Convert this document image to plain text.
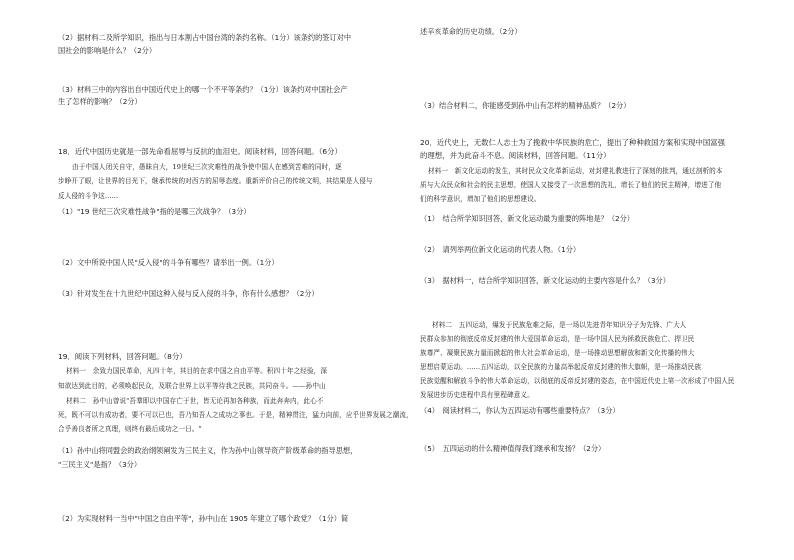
（2）据材料二及所学知识，指出与日本割占中国台湾的条约名称。（1分）该条约的签订对中
国社会的影响是什么？（2分）
（3）材料三中的内容出自中国近代史上的哪一个不平等条约？（1分）该条约对中国社会产
生了怎样的影响？（2分）
18．近代中国历史就是一部先命看屈辱与反抗的血泪史。阅读材料，回答问题。（6分）
由于中国人闭关自守，愚昧自大，19世纪三次灾难性的战争使中国人在感到苦难的同时，逐
步睁开了眼，让世界的目光下，继承传统的对西方的屈辱态度。重新评价自己的传统文明，其结果是人侵与
反人侵的斗争这……
（1）"19 世纪三次灾难性战争"指的是哪三次战争？（3分）
（2）文中所说中国人民"反入侵"的斗争有哪些？请举出一例。（1分）
（3）针对发生在十九世纪中国这种入侵与反入侵的斗争，你有什么感想？（2分）
19．阅读下列材料，回答问题。（8分）
材料一　余致力国民革命，凡四十年，其目的在求中国之自由平等。积四十年之经验，深
知欲达到此目的，必须唤起民众，及联合世界上以平等待我之民族，共同奋斗。——孙中山
材料二　孙中山曾说"吾羣即以中国存亡于世，皆无论再加各种族，而此奔奔内，此心不
死，既不可以有成功者，要不可以已也，吾乃知吾人之成功之事也。于是，精神贯注，猛力向前，应乎世界发展之潮流，
合乎善良者所之真理，则终有最后成功之一日。"
（1）孙中山将同盟会的政治纲领阐发为三民主义，作为孙中山领导资产阶级革命的指导思想，
"三民主义"是指？（3分）
（2）为实现材料一当中"中国之自由平等"，孙中山在 1905 年建立了哪个政党？（1分）简
述辛亥革命的历史功绩。（2分）
（3）结合材料二，你能感受到孙中山有怎样的精神品质？（2分）
20．近代史上，无数仁人志士为了挽救中华民族的危亡，提出了种种救国方案和实现中国富强
的理想，并为此奋斗不息。阅读材料，回答问题。（11分）
材料一　新文化运动的发生，其时民众文化革新运动，对封建礼教进行了深刻的批判，通过剖析的本
质与大众民众和社会的民主思想，使国人又接受了一次思想的洗礼，增长了他们的民主精神，增进了他
们的科学意识，增加了他们的思想建设。
（1）　结合所学知识回答，新文化运动最为重要的阵地是？（2分）
（2）　请列举两位新文化运动的代表人物。（1分）
（3）　据材料一，结合所学知识回答，新文化运动的主要内容是什么？（3分）
材料二　五四运动，爆发于民族危难之际，是一场以先进青年知识分子为先锋、广大人
民群众参加的彻底反帝反封建的伟大爱国革命运动，是一场中国人民为拯救民族危亡、捍卫民
族尊严、凝聚民族力量而掀起的伟大社会革命运动，是一场推动思想解放和新文化传播的伟大
思想启蒙运动。……五四运动，以全民族的力量高举起反帝反封建的伟大旗帜，是一场推动民族
民族觉醒和解放斗争的伟大革命运动，以彻底的反帝反封建的姿态，在中国近代史上第一次形成了中国人民
发展进步历史进程中具有里程碑意义。
（4）　阅读材料二，你认为五四运动有哪些重要特点？（3分）
（5）　五四运动的什么精神值得我们继承和发扬？（2分）
